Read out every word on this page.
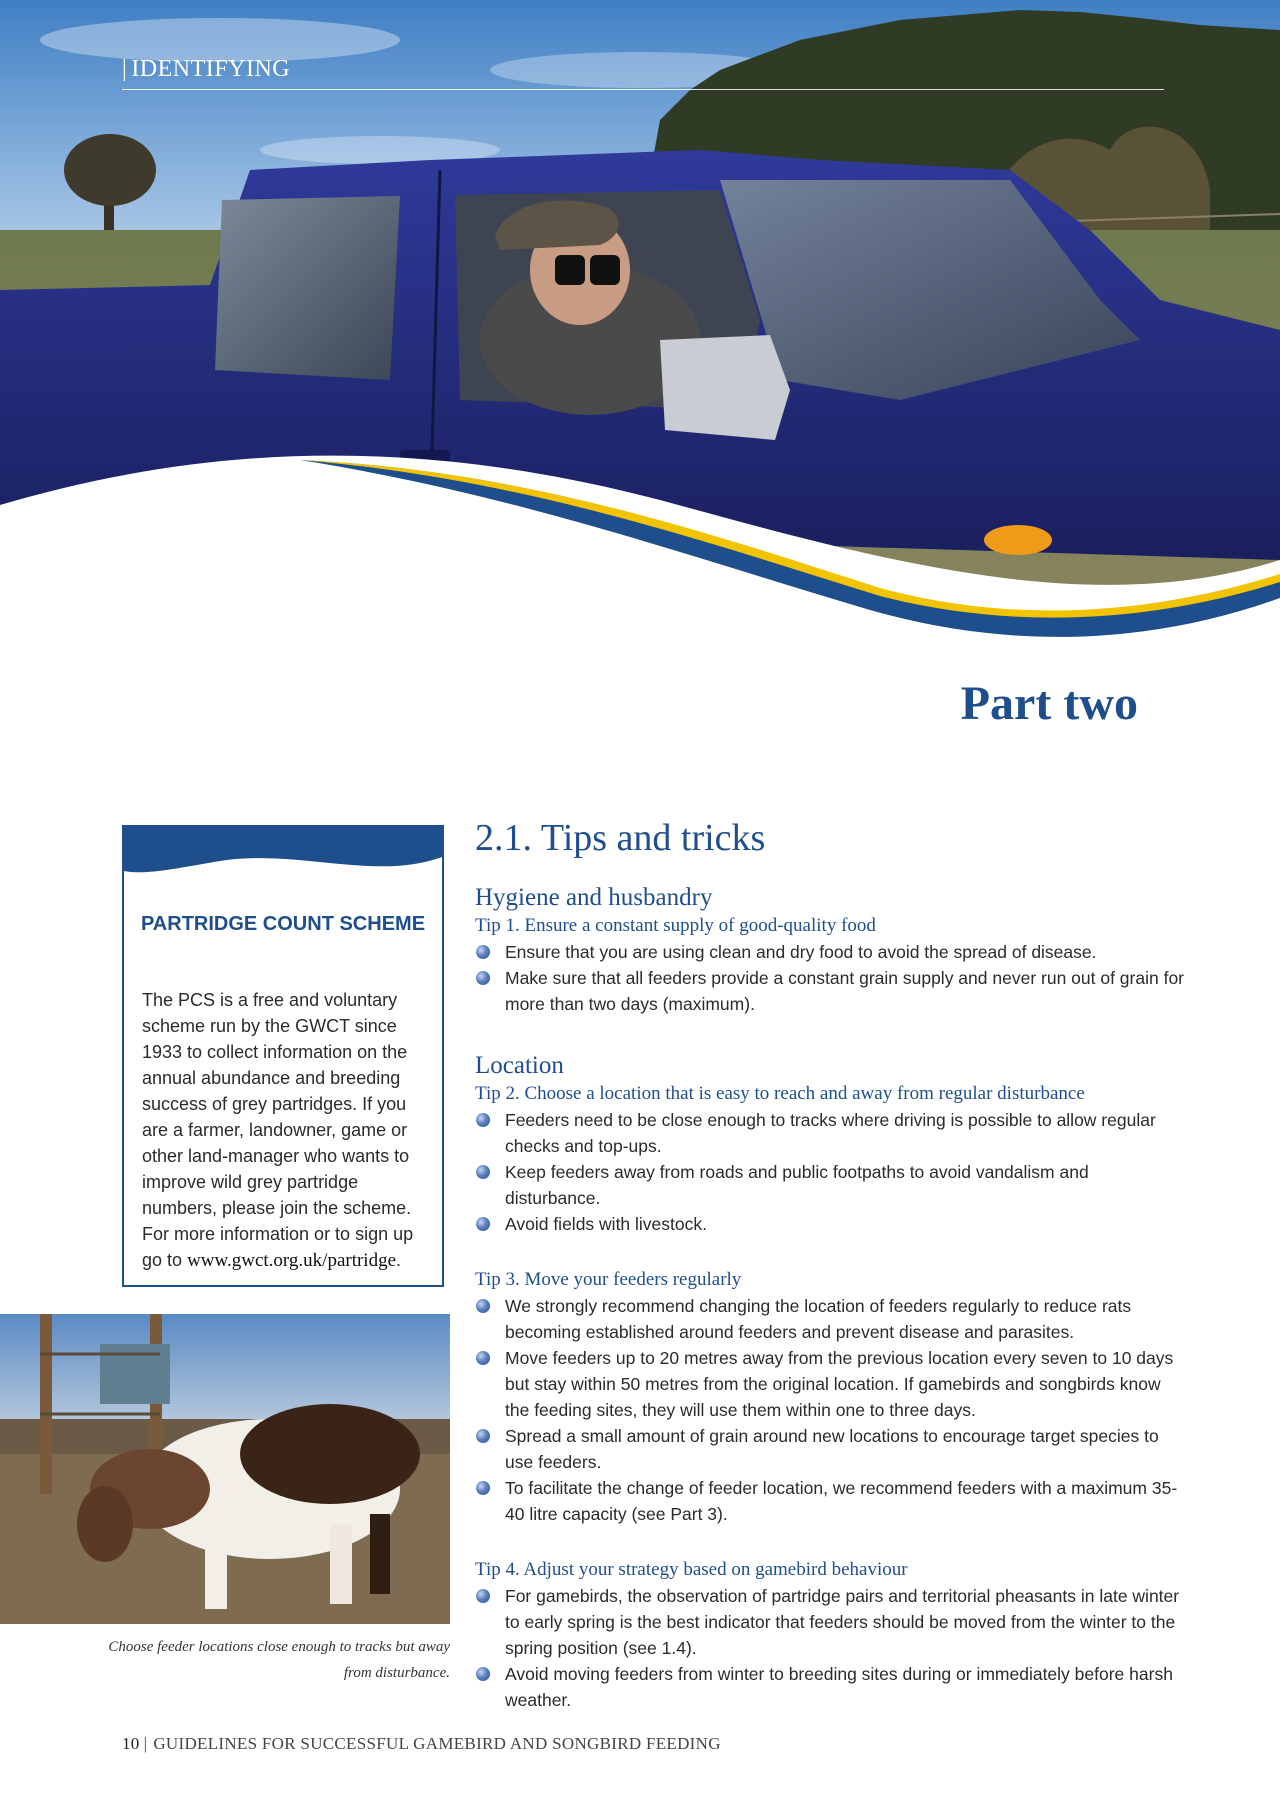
| IDENTIFYING
Part two
PARTRIDGE COUNT SCHEME

The PCS is a free and voluntary scheme run by the GWCT since 1933 to collect information on the annual abundance and breeding success of grey partridges. If you are a farmer, landowner, game or other land-manager who wants to improve wild grey partridge numbers, please join the scheme. For more information or to sign up go to www.gwct.org.uk/partridge.

Choose feeder locations close enough to tracks but away from disturbance.

2.1. Tips and tricks
Hygiene and husbandry
Tip 1. Ensure a constant supply of good-quality food
Ensure that you are using clean and dry food to avoid the spread of disease.
Make sure that all feeders provide a constant grain supply and never run out of grain for more than two days (maximum).
Location
Tip 2. Choose a location that is easy to reach and away from regular disturbance
Feeders need to be close enough to tracks where driving is possible to allow regular checks and top-ups.
Keep feeders away from roads and public footpaths to avoid vandalism and disturbance.
Avoid fields with livestock.
Tip 3. Move your feeders regularly
We strongly recommend changing the location of feeders regularly to reduce rats becoming established around feeders and prevent disease and parasites.
Move feeders up to 20 metres away from the previous location every seven to 10 days but stay within 50 metres from the original location. If gamebirds and songbirds know the feeding sites, they will use them within one to three days.
Spread a small amount of grain around new locations to encourage target species to use feeders.
To facilitate the change of feeder location, we recommend feeders with a maximum 35-40 litre capacity (see Part 3).
Tip 4. Adjust your strategy based on gamebird behaviour
For gamebirds, the observation of partridge pairs and territorial pheasants in late winter to early spring is the best indicator that feeders should be moved from the winter to the spring position (see 1.4).
Avoid moving feeders from winter to breeding sites during or immediately before harsh weather.

10 | GUIDELINES FOR SUCCESSFUL GAMEBIRD AND SONGBIRD FEEDING
